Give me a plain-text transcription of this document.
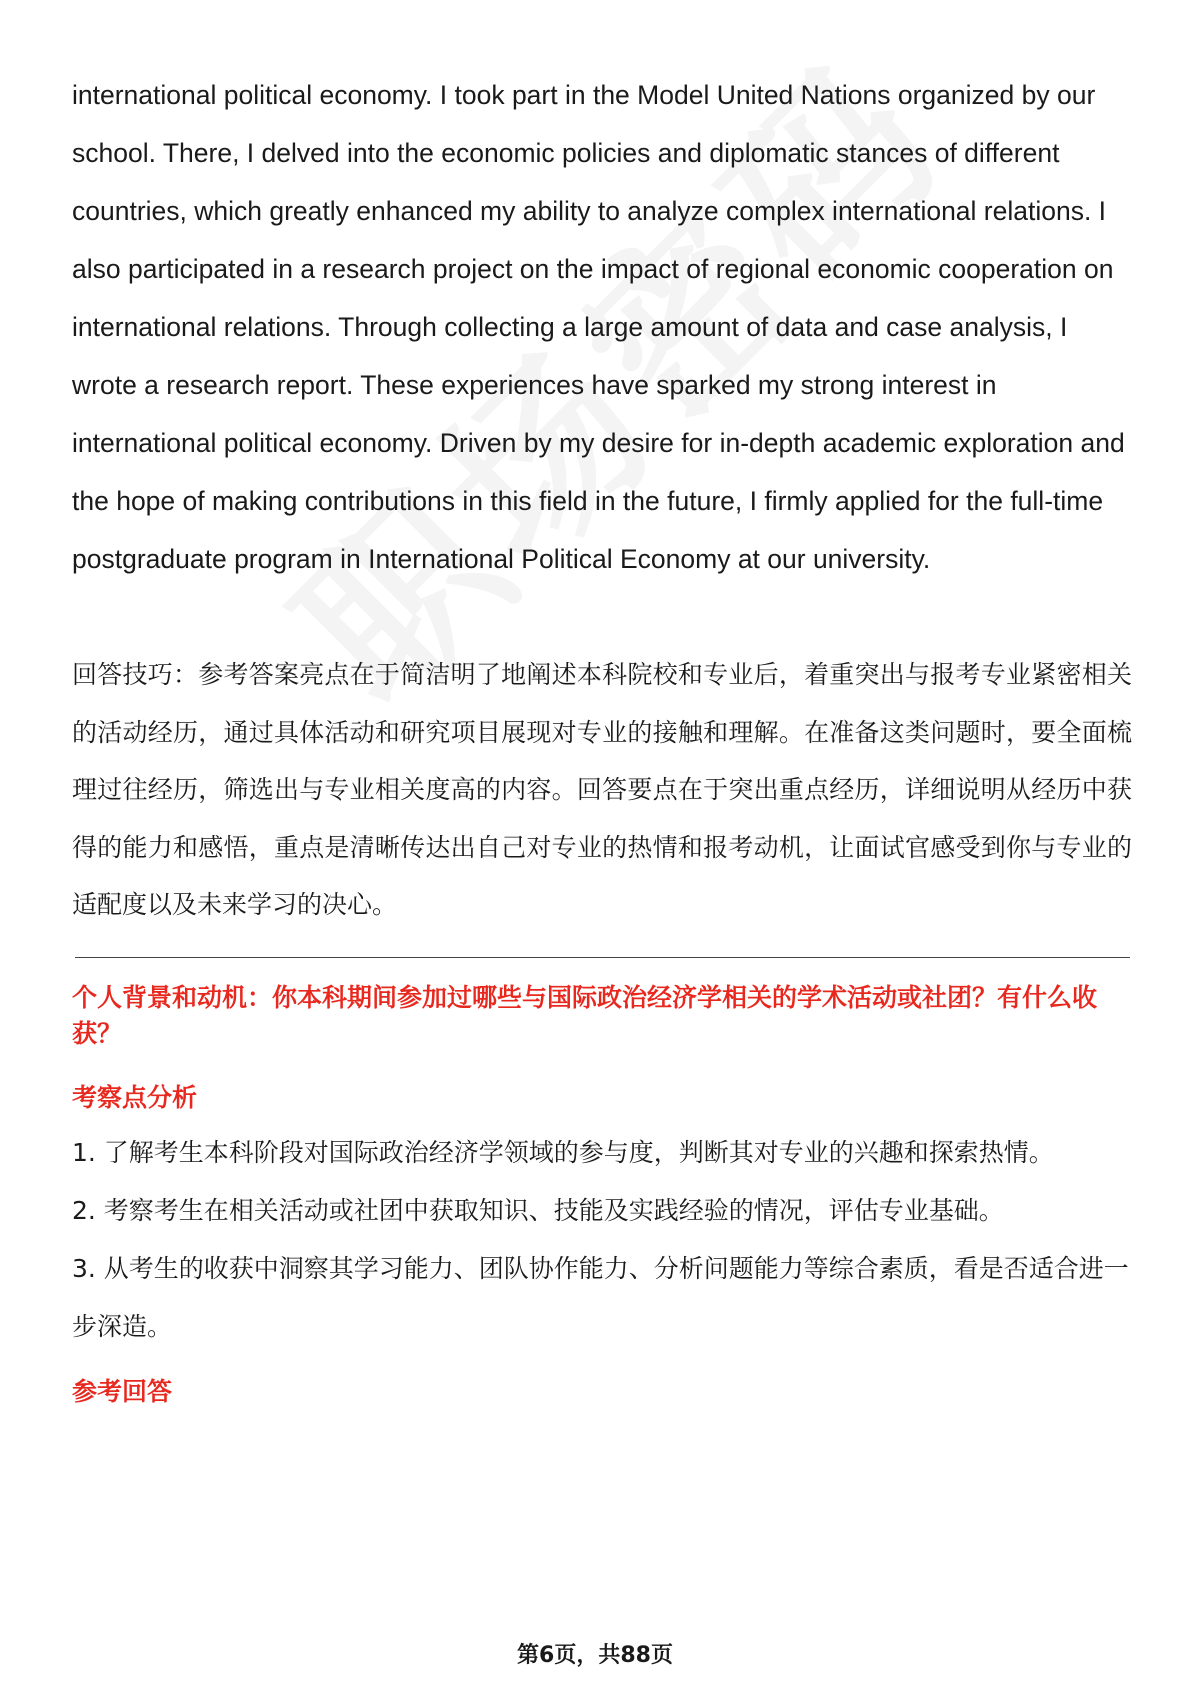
international political economy. I took part in the Model United Nations organized by our school. There, I delved into the economic policies and diplomatic stances of different countries, which greatly enhanced my ability to analyze complex international relations. I also participated in a research project on the impact of regional economic cooperation on international relations. Through collecting a large amount of data and case analysis, I wrote a research report. These experiences have sparked my strong interest in international political economy. Driven by my desire for in-depth academic exploration and the hope of making contributions in this field in the future, I firmly applied for the full-time postgraduate program in International Political Economy at our university.

回答技巧：参考答案亮点在于简洁明了地阐述本科院校和专业后，着重突出与报考专业紧密相关的活动经历，通过具体活动和研究项目展现对专业的接触和理解。在准备这类问题时，要全面梳理过往经历，筛选出与专业相关度高的内容。回答要点在于突出重点经历，详细说明从经历中获得的能力和感悟，重点是清晰传达出自己对专业的热情和报考动机，让面试官感受到你与专业的适配度以及未来学习的决心。

个人背景和动机：你本科期间参加过哪些与国际政治经济学相关的学术活动或社团？有什么收获？

考察点分析

1. 了解考生本科阶段对国际政治经济学领域的参与度，判断其对专业的兴趣和探索热情。
2. 考察考生在相关活动或社团中获取知识、技能及实践经验的情况，评估专业基础。
3. 从考生的收获中洞察其学习能力、团队协作能力、分析问题能力等综合素质，看是否适合进一步深造。

参考回答

第6页，共88页
